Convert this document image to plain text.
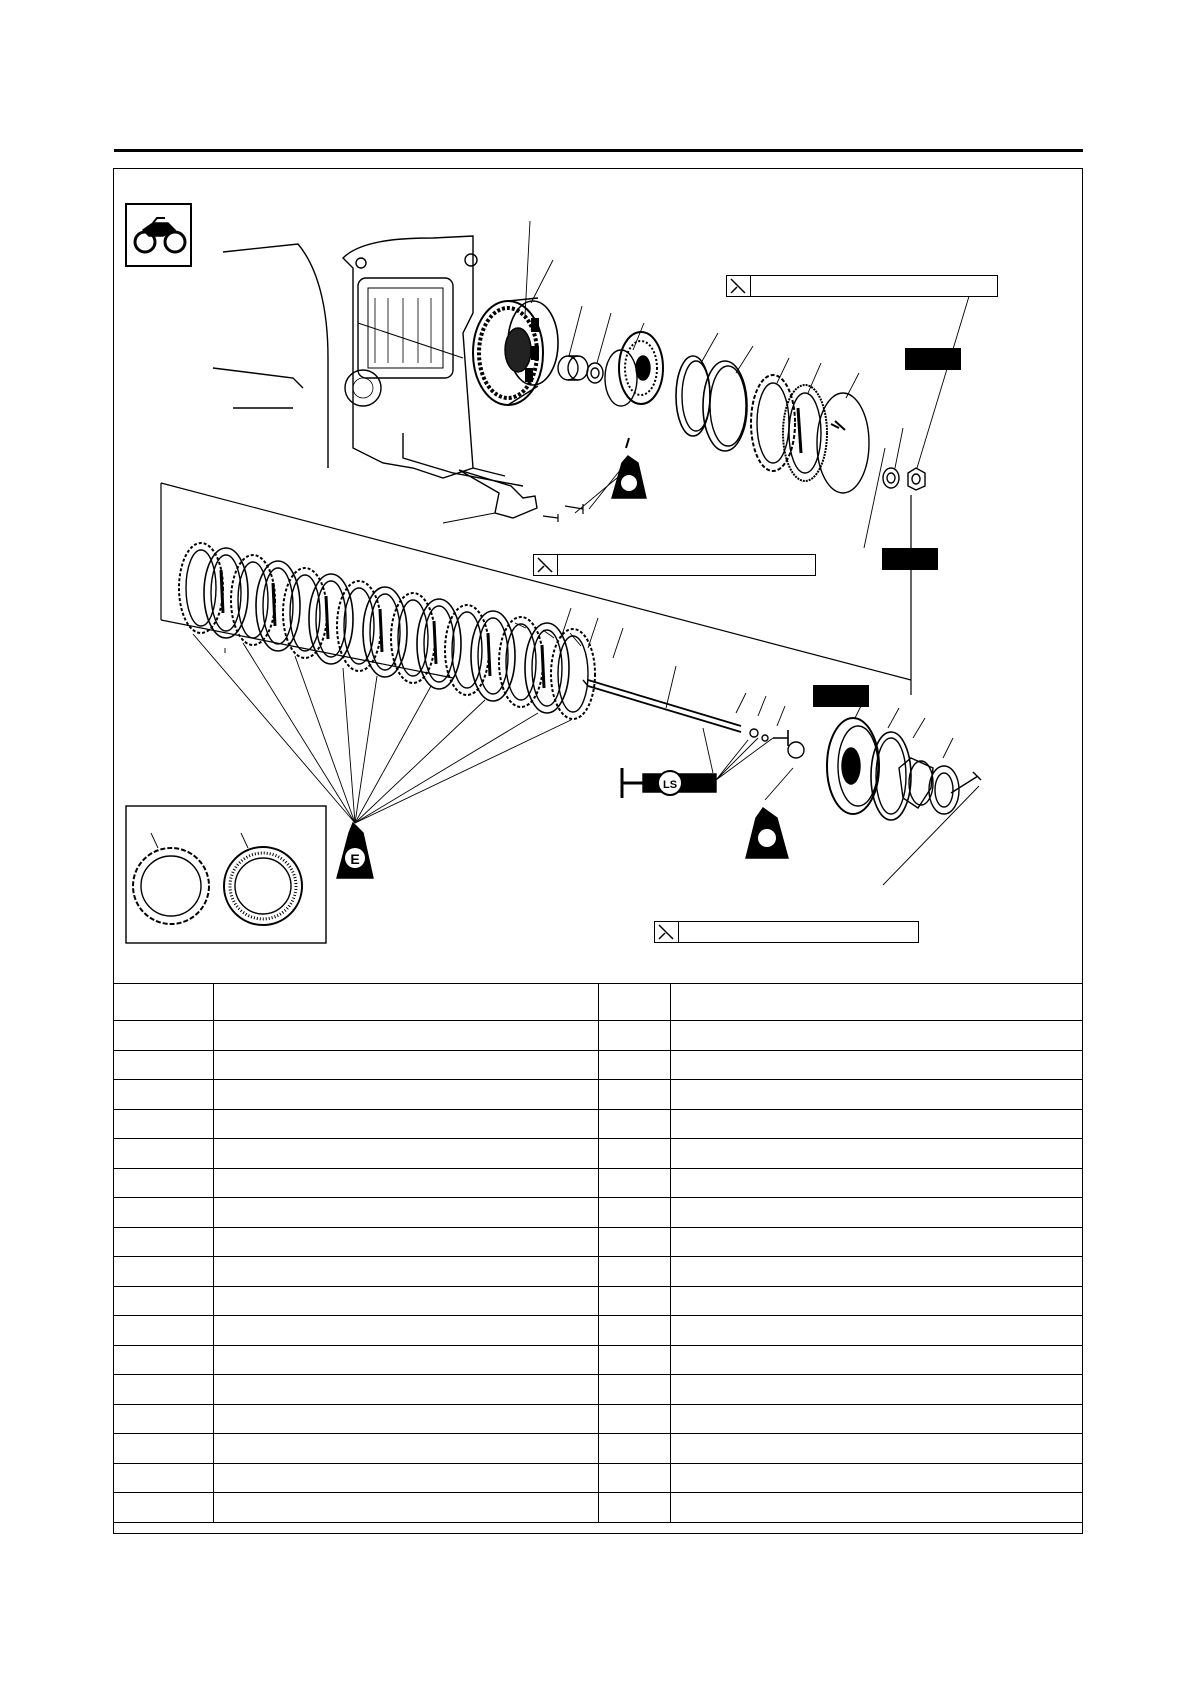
E
LS
